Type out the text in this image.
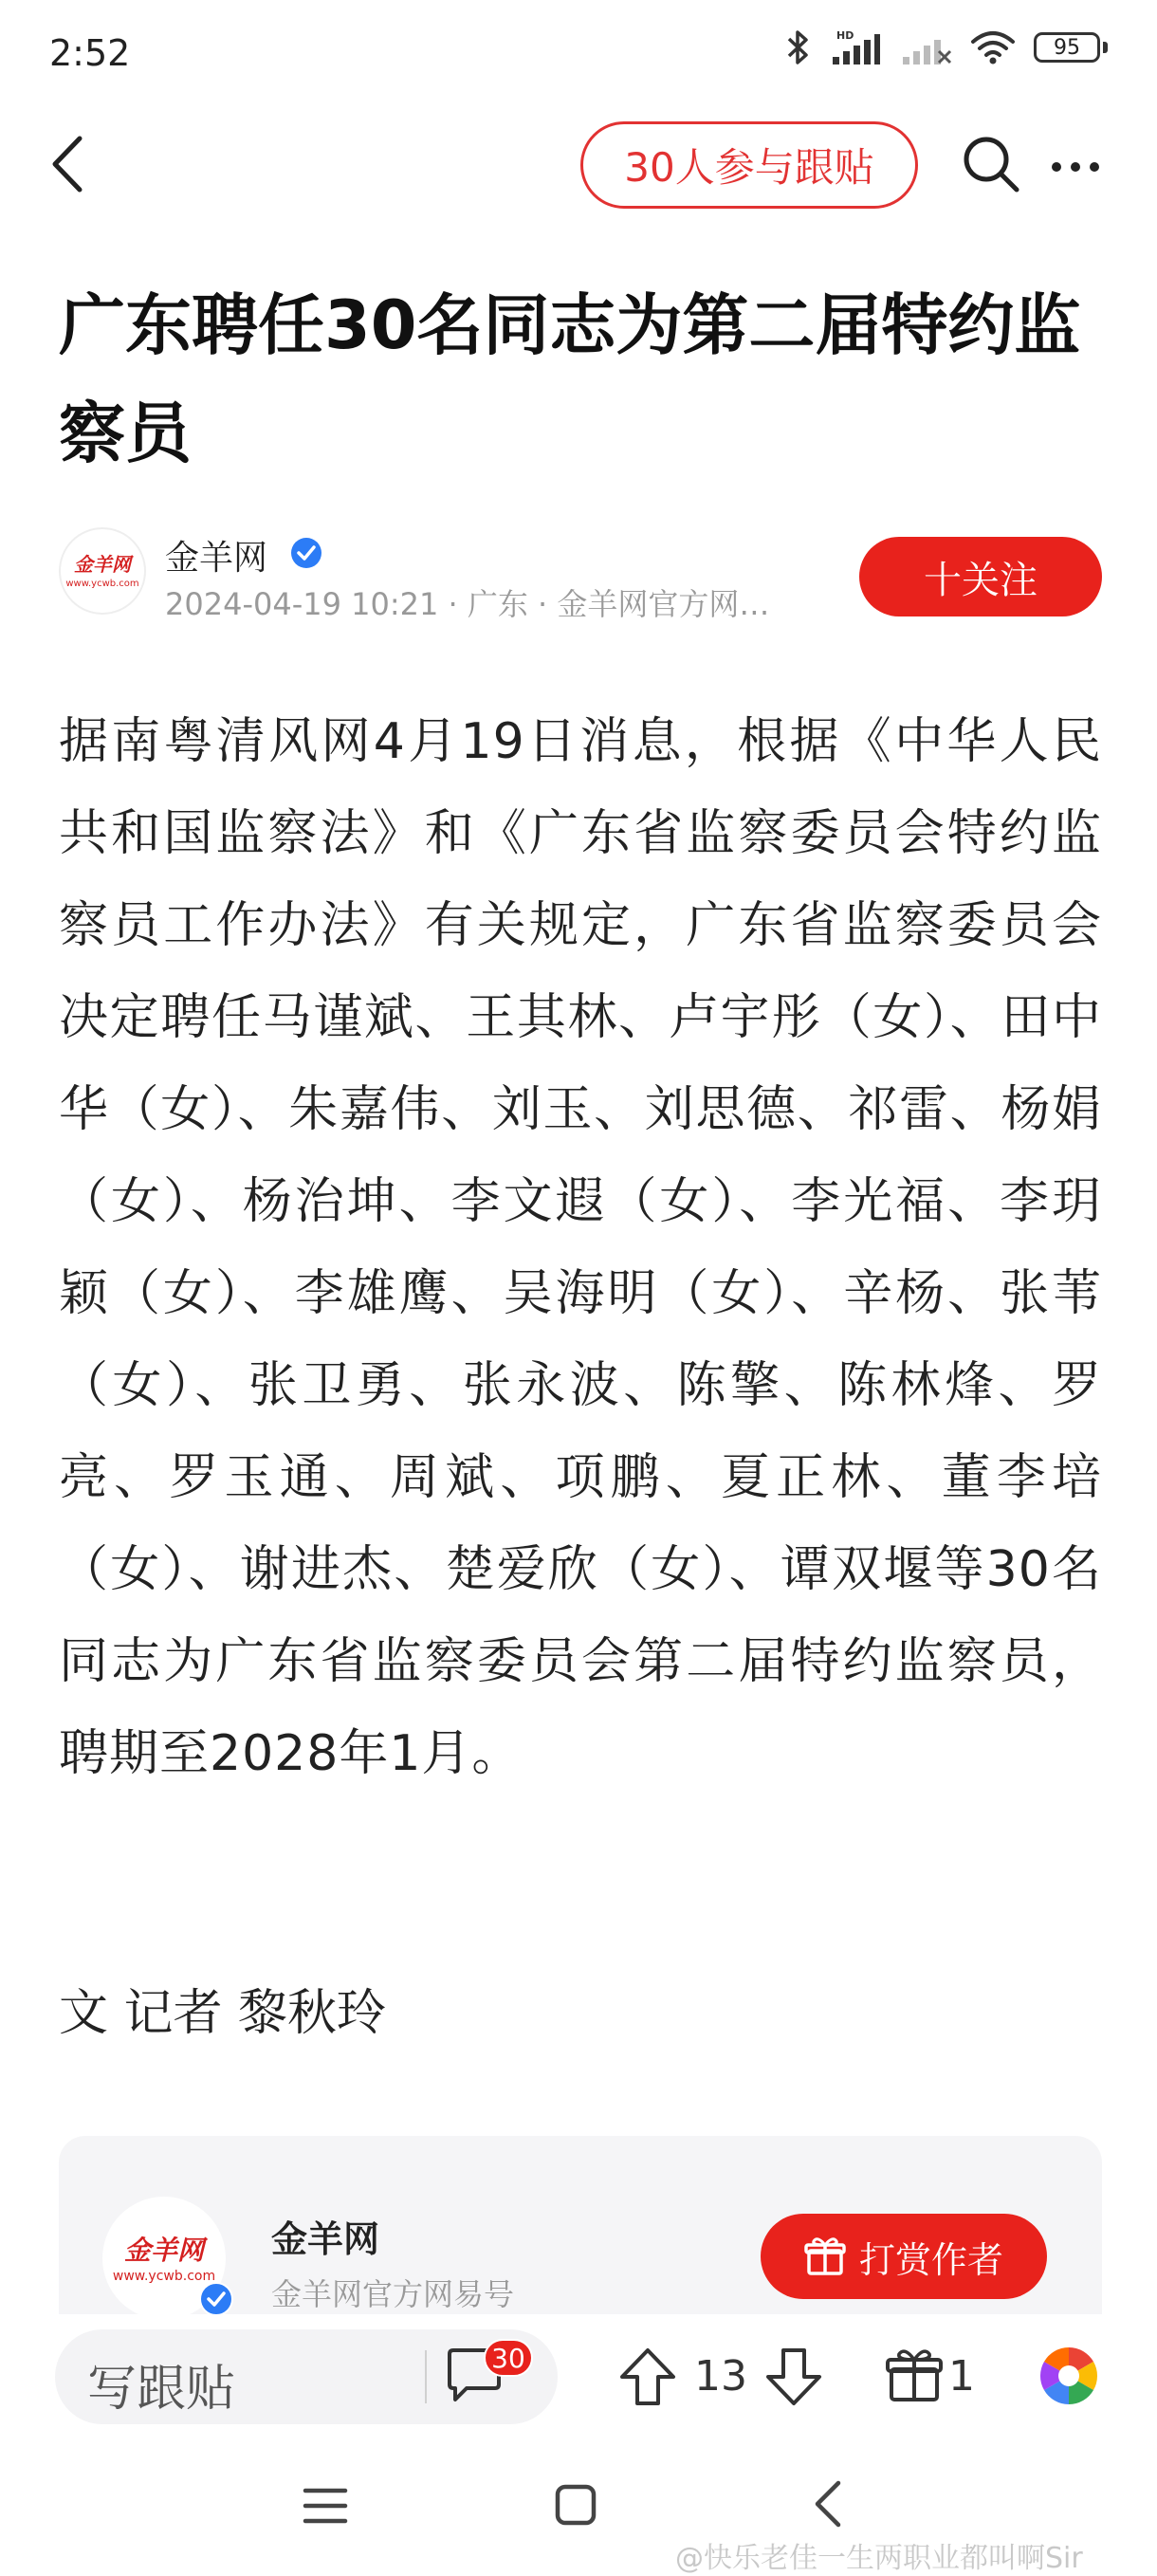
2:52	HD	95
30人参与跟贴
广东聘任30名同志为第二届特约监察员
金羊网
www.ycwb.com
金羊网
2024-04-19 10:21 · 广东 · 金羊网官方网…
十关注
据南粤清风网4月19日消息，根据《中华人民共和国监察法》和《广东省监察委员会特约监察员工作办法》有关规定，广东省监察委员会决定聘任马谨斌、王其林、卢宇彤（女）、田中华（女）、朱嘉伟、刘玉、刘思德、祁雷、杨娟（女）、杨治坤、李文遐（女）、李光福、李玥颖（女）、李雄鹰、吴海明（女）、辛杨、张苇（女）、张卫勇、张永波、陈擎、陈林烽、罗亮、罗玉通、周斌、项鹏、夏正林、董李培（女）、谢进杰、楚爱欣（女）、谭双堰等30名同志为广东省监察委员会第二届特约监察员，聘期至2028年1月。
文 记者 黎秋玲
金羊网
www.ycwb.com
金羊网
金羊网官方网易号
打赏作者
写跟贴
30	13	1
@快乐老佳一生两职业都叫啊Sir
